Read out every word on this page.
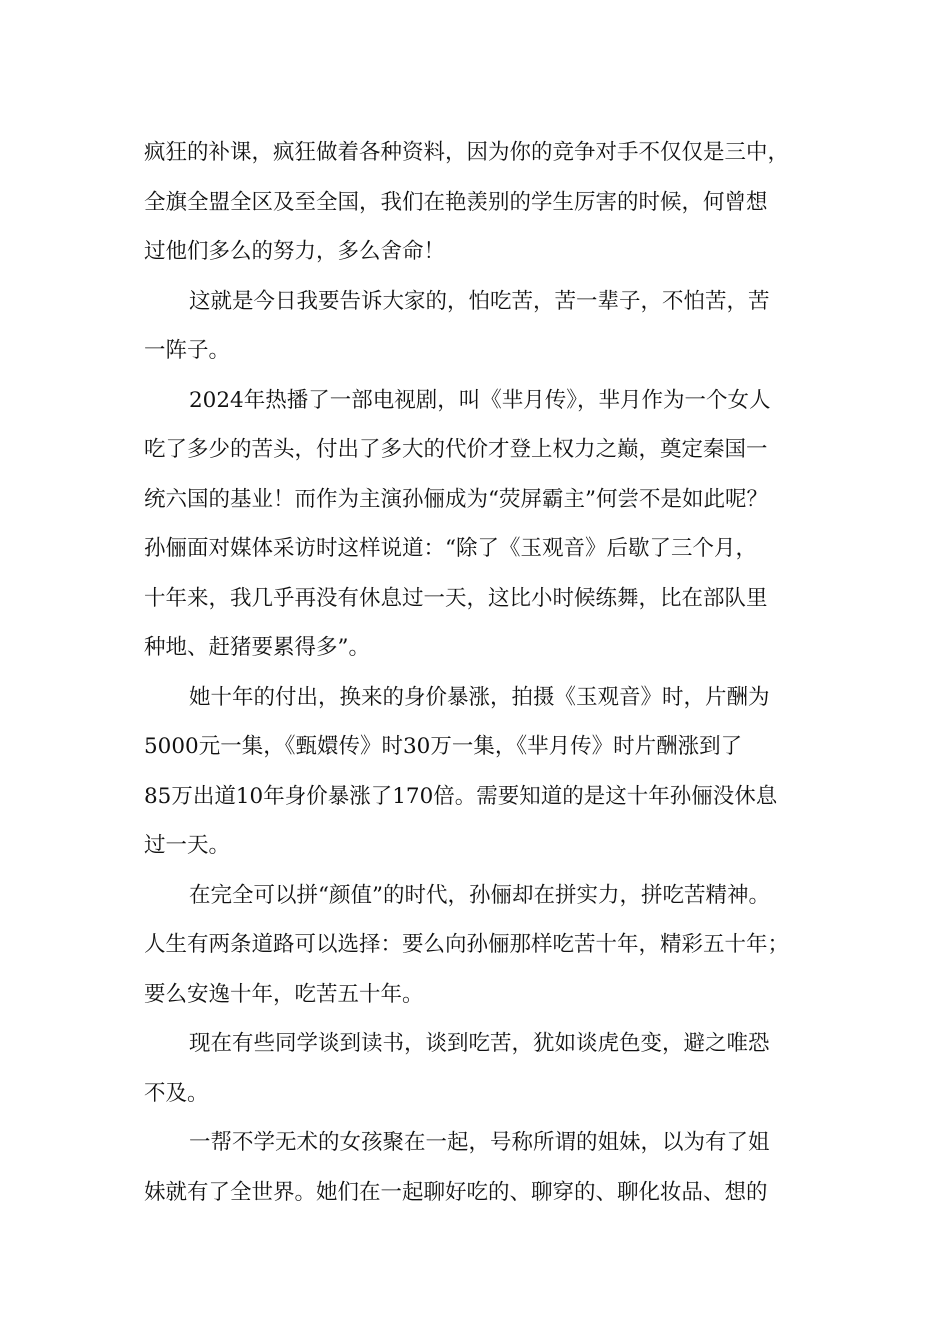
疯狂的补课，疯狂做着各种资料，因为你的竞争对手不仅仅是三中，
全旗全盟全区及至全国，我们在艳羡别的学生厉害的时候，何曾想
过他们多么的努力，多么舍命！
这就是今日我要告诉大家的，怕吃苦，苦一辈子，不怕苦，苦
一阵子。
2024年热播了一部电视剧，叫《芈月传》，芈月作为一个女人
吃了多少的苦头，付出了多大的代价才登上权力之巅，奠定秦国一
统六国的基业！而作为主演孙俪成为“荧屏霸主”何尝不是如此呢？
孙俪面对媒体采访时这样说道：“除了《玉观音》后歇了三个月，
十年来，我几乎再没有休息过一天，这比小时候练舞，比在部队里
种地、赶猪要累得多”。
她十年的付出，换来的身价暴涨，拍摄《玉观音》时，片酬为
5000元一集，《甄嬛传》时30万一集，《芈月传》时片酬涨到了
85万出道10年身价暴涨了170倍。需要知道的是这十年孙俪没休息
过一天。
在完全可以拼“颜值”的时代，孙俪却在拼实力，拼吃苦精神。
人生有两条道路可以选择：要么向孙俪那样吃苦十年，精彩五十年；
要么安逸十年，吃苦五十年。
现在有些同学谈到读书，谈到吃苦，犹如谈虎色变，避之唯恐
不及。
一帮不学无术的女孩聚在一起，号称所谓的姐妹，以为有了姐
妹就有了全世界。她们在一起聊好吃的、聊穿的、聊化妆品、想的
